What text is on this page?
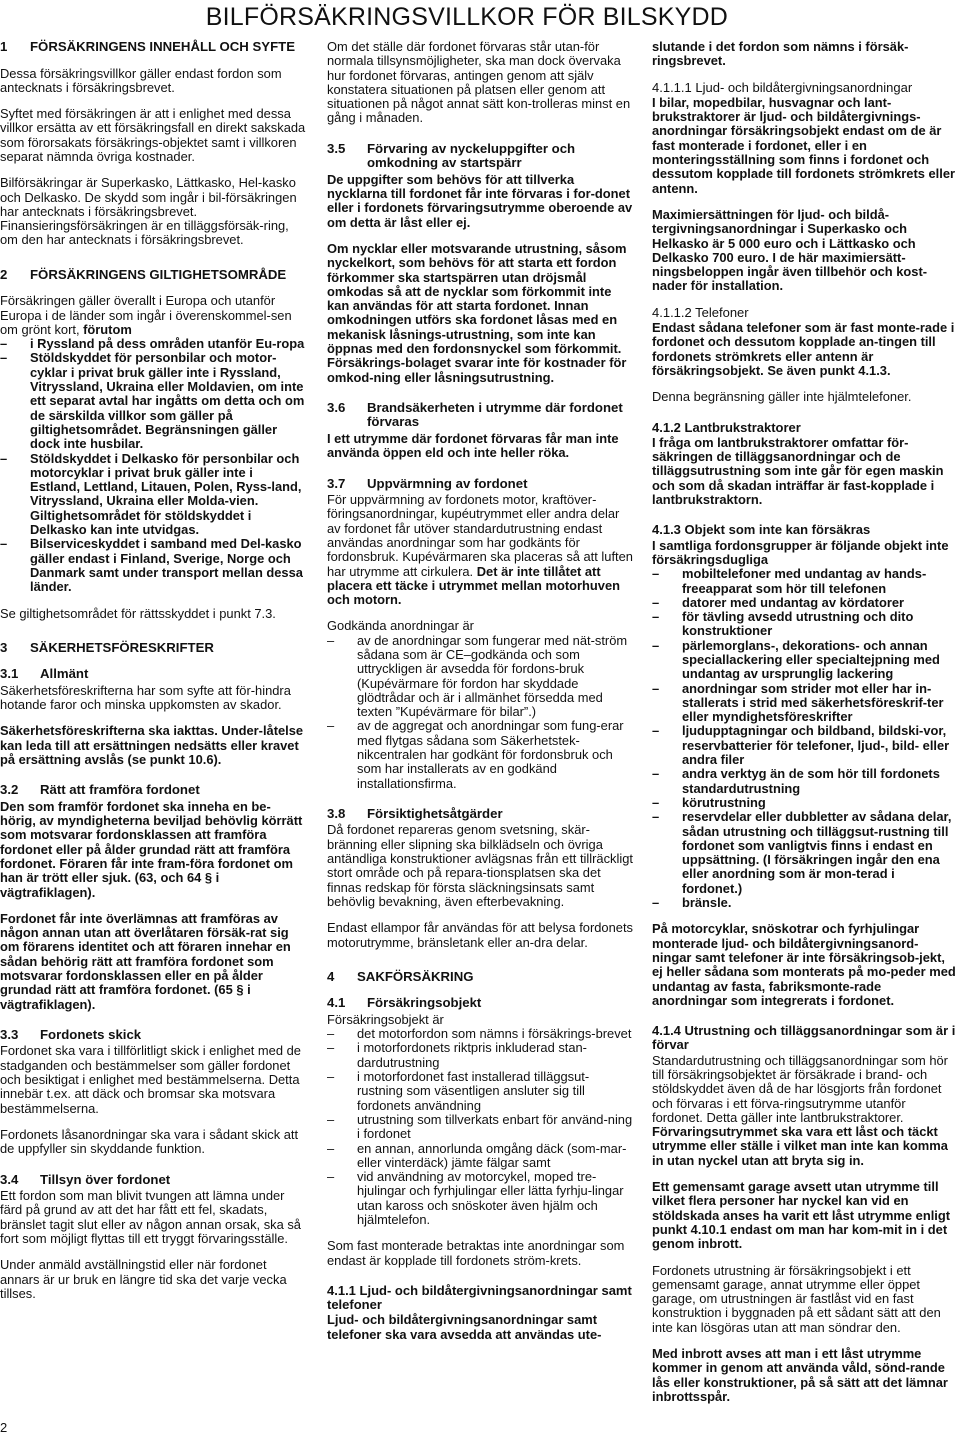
BILFÖRSÄKRINGSVILLKOR FÖR BILSKYDD
1	FÖRSÄKRINGENS INNEHÅLL OCH SYFTE

Dessa försäkringsvillkor gäller endast fordon som antecknats i försäkringsbrevet.

Syftet med försäkringen är att i enlighet med dessa villkor ersätta av ett försäkringsfall en direkt sakskada som förorsakats försäkrings-objektet samt i villkoren separat nämnda övriga kostnader.

Bilförsäkringar är Superkasko, Lättkasko, Hel-kasko och Delkasko. De skydd som ingår i bil-försäkringen har antecknats i försäkringsbrevet. Finansieringsförsäkringen är en tilläggsförsäk-ring, om den har antecknats i försäkringsbrevet.

2	FÖRSÄKRINGENS GILTIGHETSOMRÅDE

Försäkringen gäller överallt i Europa och utanför Europa i de länder som ingår i överenskommel-sen om grönt kort, förutom

– i Ryssland på dess områden utanför Eu-ropa
– Stöldskyddet för personbilar och motor-cyklar i privat bruk gäller inte i Ryssland, Vitryssland, Ukraina eller Moldavien, om inte ett separat avtal har ingåtts om detta och om de särskilda villkor som gäller på giltighetsområdet. Begränsningen gäller dock inte husbilar.
– Stöldskyddet i Delkasko för personbilar och motorcyklar i privat bruk gäller inte i Estland, Lettland, Litauen, Polen, Ryss-land, Vitryssland, Ukraina eller Molda-vien. Giltighetsområdet för stöldskyddet i Delkasko kan inte utvidgas.
– Bilserviceskyddet i samband med Del-kasko gäller endast i Finland, Sverige, Norge och Danmark samt under transport mellan dessa länder.

Se giltighetsområdet för rättsskyddet i punkt 7.3.

3	SÄKERHETSFÖRESKRIFTER
3.1	Allmänt

Säkerhetsföreskrifterna har som syfte att för-hindra hotande faror och minska uppkomsten av skador.

Säkerhetsföreskrifterna ska iakttas. Under-låtelse kan leda till att ersättningen nedsätts eller kravet på ersättning avslås (se punkt 10.6).

3.2	Rätt att framföra fordonet

Den som framför fordonet ska inneha en be-hörig, av myndigheterna beviljad behövlig körrätt som motsvarar fordonsklassen att framföra fordonet eller på ålder grundad rätt att framföra fordonet. Föraren får inte fram-föra fordonet om han är trött eller sjuk. (63, och 64 § i vägtrafiklagen).

Fordonet får inte överlämnas att framföras av någon annan utan att överlåtaren försäk-rat sig om förarens identitet och att föraren innehar en sådan behörig rätt att framföra fordonet som motsvarar fordonsklassen eller en på ålder grundad rätt att framföra fordonet. (65 § i vägtrafiklagen).

3.3	Fordonets skick

Fordonet ska vara i tillförlitligt skick i enlighet med de stadganden och bestämmelser som gäller fordonet och besiktigat i enlighet med bestämmelserna. Detta innebär t.ex. att däck och bromsar ska motsvara bestämmelserna.

Fordonets låsanordningar ska vara i sådant skick att de uppfyller sin skyddande funktion.

3.4	Tillsyn över fordonet

Ett fordon som man blivit tvungen att lämna under färd på grund av att det har fått ett fel, skadats, bränslet tagit slut eller av någon annan orsak, ska så fort som möjligt flyttas till ett tryggt förvaringsställe.

Under anmäld avställningstid eller när fordonet annars är ur bruk en längre tid ska det varje vecka tillses.

Om det ställe där fordonet förvaras står utan-för normala tillsynsmöjligheter, ska man dock övervaka hur fordonet förvaras, antingen genom att själv konstatera situationen på platsen eller genom att situationen på något annat sätt kon-trolleras minst en gång i månaden.

3.5	Förvaring av nyckeluppgifter och omkodning av startspärr

De uppgifter som behövs för att tillverka nycklarna till fordonet får inte förvaras i for-donet eller i fordonets förvaringsutrymme oberoende av om detta är låst eller ej.

Om nycklar eller motsvarande utrustning, såsom nyckelkort, som behövs för att starta ett fordon förkommer ska startspärren utan dröjsmål omkodas så att de nycklar som förkommit inte kan användas för att starta fordonet. Innan omkodningen utförs ska fordonet låsas med en mekanisk låsnings-utrustning, som inte kan öppnas med den fordonsnyckel som förkommit. Försäkrings-bolaget svarar inte för kostnader för omkod-ning eller låsningsutrustning.

3.6	Brandsäkerheten i utrymme där fordonet förvaras

I ett utrymme där fordonet förvaras får man inte använda öppen eld och inte heller röka.

3.7	Uppvärmning av fordonet

För uppvärmning av fordonets motor, kraftöver-föringsanordningar, kupéutrymmet eller andra delar av fordonet får utöver standardutrustning endast användas anordningar som har godkänts för fordonsbruk. Kupévärmaren ska placeras så att luften har utrymme att cirkulera. Det är inte tillåtet att placera ett täcke i utrymmet mellan motorhuven och motorn.

Godkända anordningar är

– av de anordningar som fungerar med nät-ström sådana som är CE–godkända och som uttryckligen är avsedda för fordons-bruk (Kupévärmare för fordon har skyddade glödtrådar och är i allmänhet försedda med texten ”Kupévärmare för bilar”.)
– av de aggregat och anordningar som fung-erar med flytgas sådana som Säkerhetstek-nikcentralen har godkänt för fordonsbruk och som har installerats av en godkänd installationsfirma.
3.8	Försiktighetsåtgärder

Då fordonet repareras genom svetsning, skär-bränning eller slipning ska bilklädseln och övriga antändliga konstruktioner avlägsnas från ett tillräckligt stort område och på repara-tionsplatsen ska det finnas redskap för första släckningsinsats samt behövlig bevakning, även efterbevakning.

Endast ellampor får användas för att belysa fordonets motorutrymme, bränsletank eller an-dra delar.

4	SAKFÖRSÄKRING
4.1	Försäkringsobjekt

Försäkringsobjekt är

– det motorfordon som nämns i försäkrings-brevet
– i motorfordonets riktpris inkluderad stan-dardutrustning
– i motorfordonet fast installerad tilläggsut-rustning som väsentligen ansluter sig till fordonets användning
– utrustning som tillverkats enbart för använd-ning i fordonet
– en annan, annorlunda omgång däck (som-mar- eller vinterdäck) jämte fälgar samt
– vid användning av motorcykel, moped tre-hjulingar och fyrhjulingar eller lätta fyrhju-lingar utan kaross och snöskoter även hjälm och hjälmtelefon.

Som fast monterade betraktas inte anordningar som endast är kopplade till fordonets ström-krets.

4.1.1 Ljud- och bildåtergivningsanordningar samt telefoner

Ljud- och bildåtergivningsanordningar samt telefoner ska vara avsedda att användas ute-

slutande i det fordon som nämns i försäk-ringsbrevet.

4.1.1.1 Ljud- och bildåtergivningsanordningar

I bilar, mopedbilar, husvagnar och lant-brukstraktorer är ljud- och bildåtergivnings-anordningar försäkringsobjekt endast om de är fast monterade i fordonet, eller i en monteringsställning som finns i fordonet och dessutom kopplade till fordonets strömkrets eller antenn.

Maximiersättningen för ljud- och bildå-tergivningsanordningar i Superkasko och Helkasko är 5 000 euro och i Lättkasko och Delkasko 700 euro. I de här maximiersätt-ningsbeloppen ingår även tillbehör och kost-nader för installation.

4.1.1.2 Telefoner

Endast sådana telefoner som är fast monte-rade i fordonet och dessutom kopplade an-tingen till fordonets strömkrets eller antenn är försäkringsobjekt. Se även punkt 4.1.3.

Denna begränsning gäller inte hjälmtelefoner.

4.1.2 Lantbrukstraktorer

I fråga om lantbrukstraktorer omfattar för-säkringen de tilläggsanordningar och de tilläggsutrustning som inte går för egen maskin och som då skadan inträffar är fast-kopplade i lantbrukstraktorn.

4.1.3 Objekt som inte kan försäkras

I samtliga fordonsgrupper är följande objekt inte försäkringsdugliga

– mobiltelefoner med undantag av hands-freeapparat som hör till telefonen
– datorer med undantag av kördatorer
– för tävling avsedd utrustning och dito konstruktioner
– pärlemorglans-, dekorations- och annan speciallackering eller specialtejpning med undantag av ursprunglig lackering
– anordningar som strider mot eller har in-stallerats i strid med säkerhetsföreskrif-ter eller myndighetsföreskrifter
– ljudupptagningar och bildband, bildski-vor, reservbatterier för telefoner, ljud-, bild- eller andra filer
– andra verktyg än de som hör till fordonets standardutrustning
– körutrustning
– reservdelar eller dubbletter av sådana delar, sådan utrustning och tilläggsut-rustning till fordonet som vanligtvis finns i endast en uppsättning. (I försäkringen ingår den ena eller anordning som är mon-terad i fordonet.)
– bränsle.

På motorcyklar, snöskotrar och fyrhjulingar monterade ljud- och bildåtergivningsanord-ningar samt telefoner är inte försäkringsob-jekt, ej heller sådana som monterats på mo-peder med undantag av fasta, fabriksmonte-rade anordningar som integrerats i fordonet.

4.1.4 Utrustning och tilläggsanordningar som är i förvar

Standardutrustning och tilläggsanordningar som hör till försäkringsobjektet är försäkrade i brand- och stöldskyddet även då de har lösgjorts från fordonet och förvaras i ett förva-ringsutrymme utanför fordonet. Detta gäller inte lantbrukstraktorer. Förvaringsutrymmet ska vara ett låst och täckt utrymme eller ställe i vilket man inte kan komma in utan nyckel utan att bryta sig in.

Ett gemensamt garage avsett utan utrymme till vilket flera personer har nyckel kan vid en stöldskada anses ha varit ett låst utrymme enligt punkt 4.10.1 endast om man har kom-mit in i det genom inbrott.

Fordonets utrustning är försäkringsobjekt i ett gemensamt garage, annat utrymme eller öppet garage, om utrustningen är fastlåst vid en fast konstruktion i byggnaden på ett sådant sätt att den inte kan lösgöras utan att man söndrar den.

Med inbrott avses att man i ett låst utrymme kommer in genom att använda våld, sönd-rande lås eller konstruktioner, på så sätt att det lämnar inbrottsspår.

2
